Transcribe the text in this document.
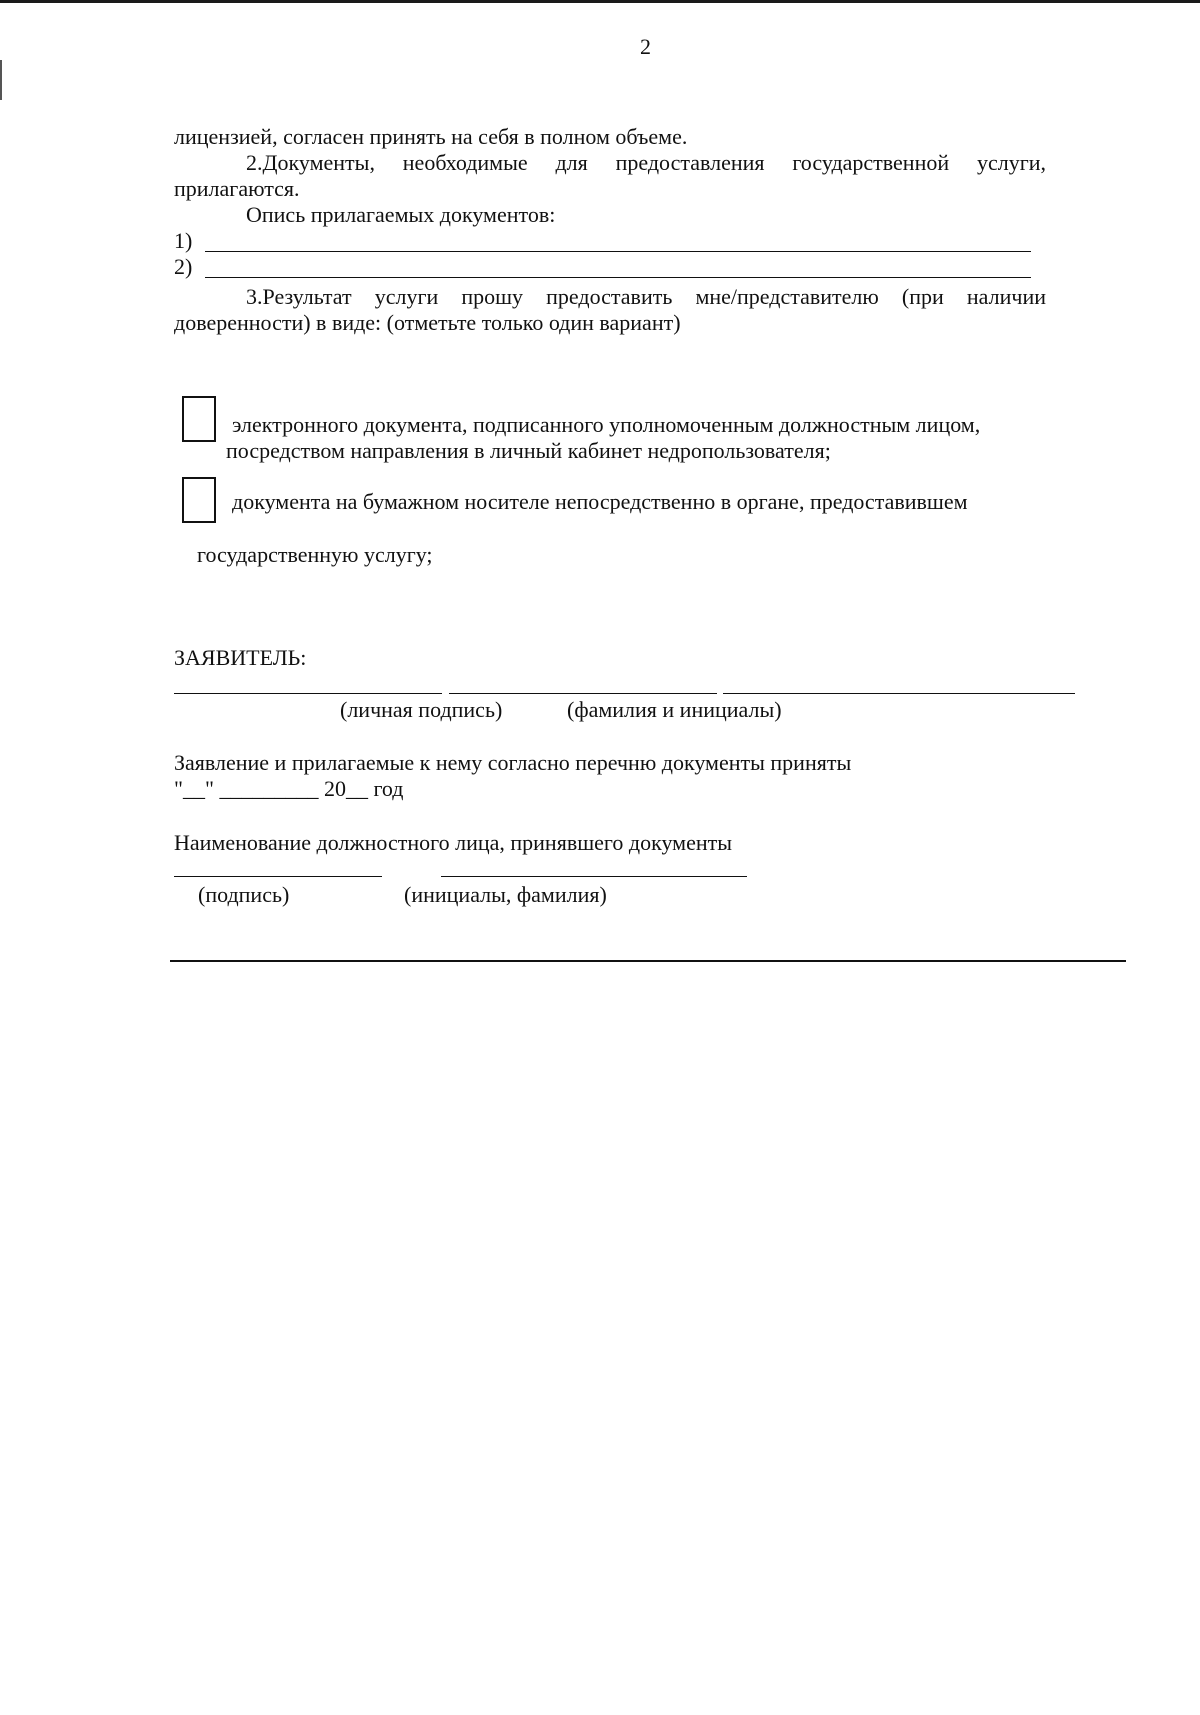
2
лицензией, согласен принять на себя в полном объеме.
2.Документы, необходимые для предоставления государственной услуги,
прилагаются.
Опись прилагаемых документов:
1)
2)
3.Результат услуги прошу предоставить мне/представителю (при наличии
доверенности) в виде: (отметьте только один вариант)
электронного документа, подписанного уполномоченным должностным лицом,
посредством направления в личный кабинет недропользователя;
документа на бумажном носителе непосредственно в органе, предоставившем
государственную услугу;
ЗАЯВИТЕЛЬ:
(личная подпись)	(фамилия и инициалы)
Заявление и прилагаемые к нему согласно перечню документы приняты
"__" _________ 20__ год
Наименование должностного лица, принявшего документы
(подпись)	(инициалы, фамилия)
